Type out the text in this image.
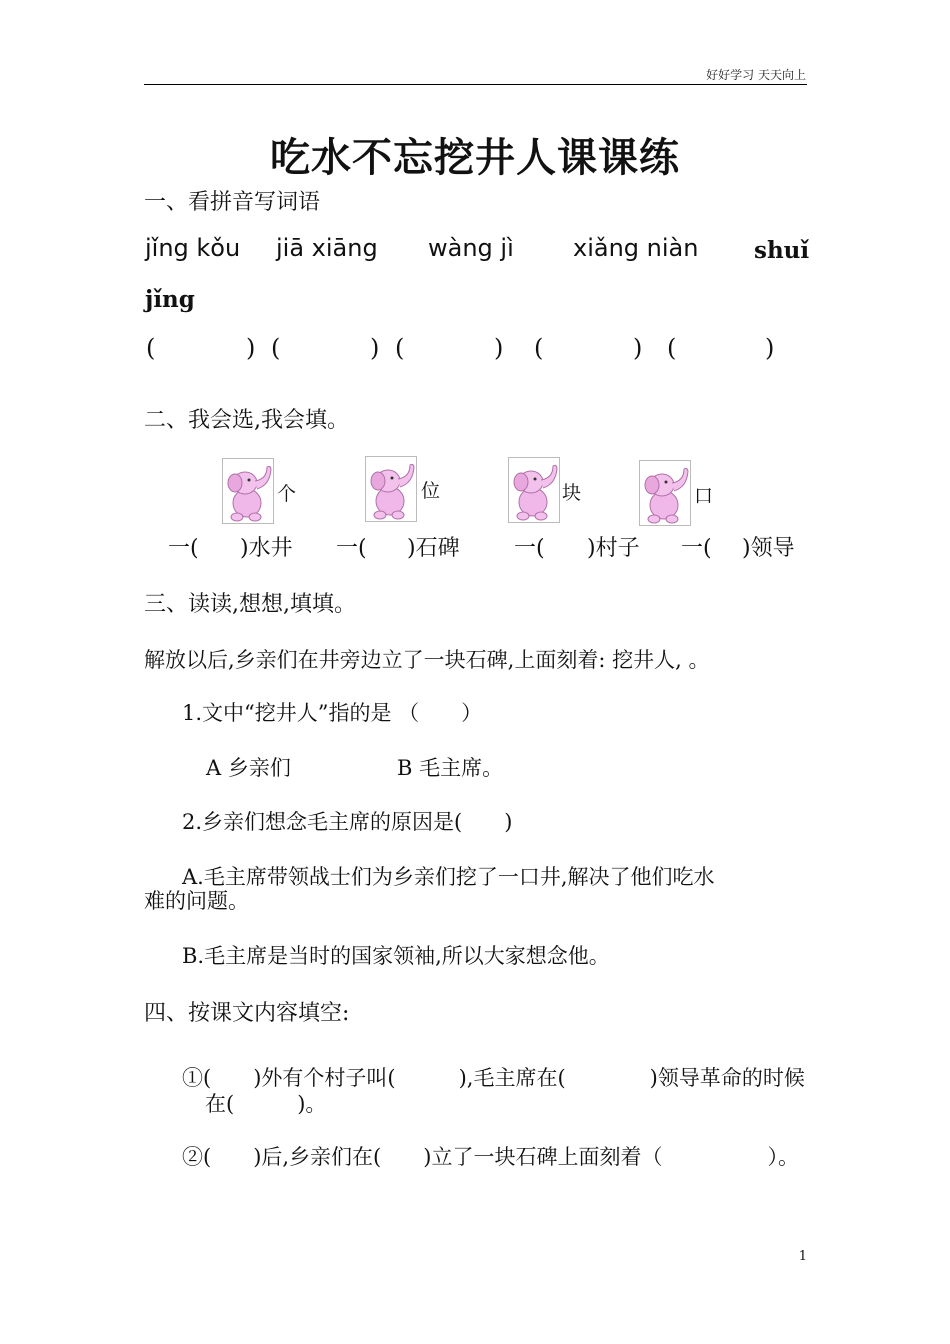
好好学习 天天向上
吃水不忘挖井人课课练
一、看拼音写词语
jǐng kǒu jiā xiāng wàng jì xiǎng niàn shuǐ
jǐng
(	) (	) (	) (	) (	)
二、我会选,我会填。
个	位	块	口
一( )水井 一( )石碑 一( )村子 一( )领导
三、读读,想想,填填。
解放以后,乡亲们在井旁边立了一块石碑,上面刻着: 挖井人, 。
1.文中“挖井人”指的是 （　　）
A 乡亲们	B 毛主席。
2.乡亲们想念毛主席的原因是(　　)
A.毛主席带领战士们为乡亲们挖了一口井,解决了他们吃水
难的问题。
B.毛主席是当时的国家领袖,所以大家想念他。
四、按课文内容填空:
①(　　)外有个村子叫(　　　),毛主席在(　　　　)领导革命的时候
在(　　　)。
②(　　)后,乡亲们在(　　)立了一块石碑上面刻着（　　　　　）。
1
